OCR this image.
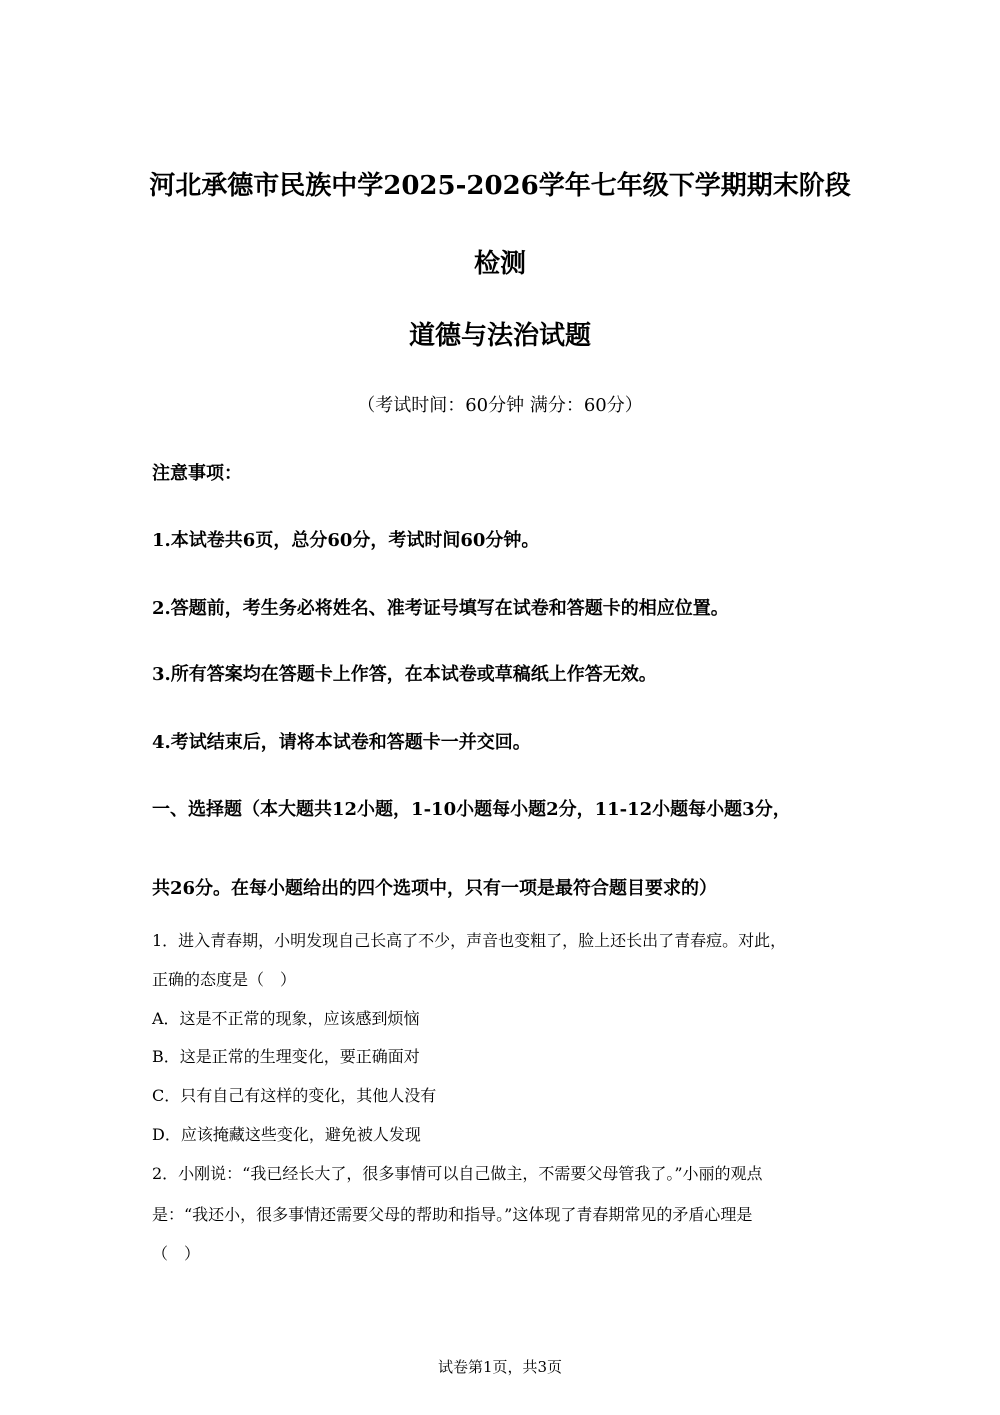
河北承德市民族中学2025-2026学年七年级下学期期末阶段
检测
道德与法治试题
（考试时间：60分钟 满分：60分）
注意事项：
1.本试卷共6页，总分60分，考试时间60分钟。
2.答题前，考生务必将姓名、准考证号填写在试卷和答题卡的相应位置。
3.所有答案均在答题卡上作答，在本试卷或草稿纸上作答无效。
4.考试结束后，请将本试卷和答题卡一并交回。
一、选择题（本大题共12小题，1-10小题每小题2分，11-12小题每小题3分，
共26分。在每小题给出的四个选项中，只有一项是最符合题目要求的）
1．进入青春期，小明发现自己长高了不少，声音也变粗了，脸上还长出了青春痘。对此，
正确的态度是（　）
A．这是不正常的现象，应该感到烦恼
B．这是正常的生理变化，要正确面对
C．只有自己有这样的变化，其他人没有
D．应该掩藏这些变化，避免被人发现
2．小刚说：“我已经长大了，很多事情可以自己做主，不需要父母管我了。”小丽的观点
是：“我还小，很多事情还需要父母的帮助和指导。”这体现了青春期常见的矛盾心理是
（　）
试卷第1页，共3页
